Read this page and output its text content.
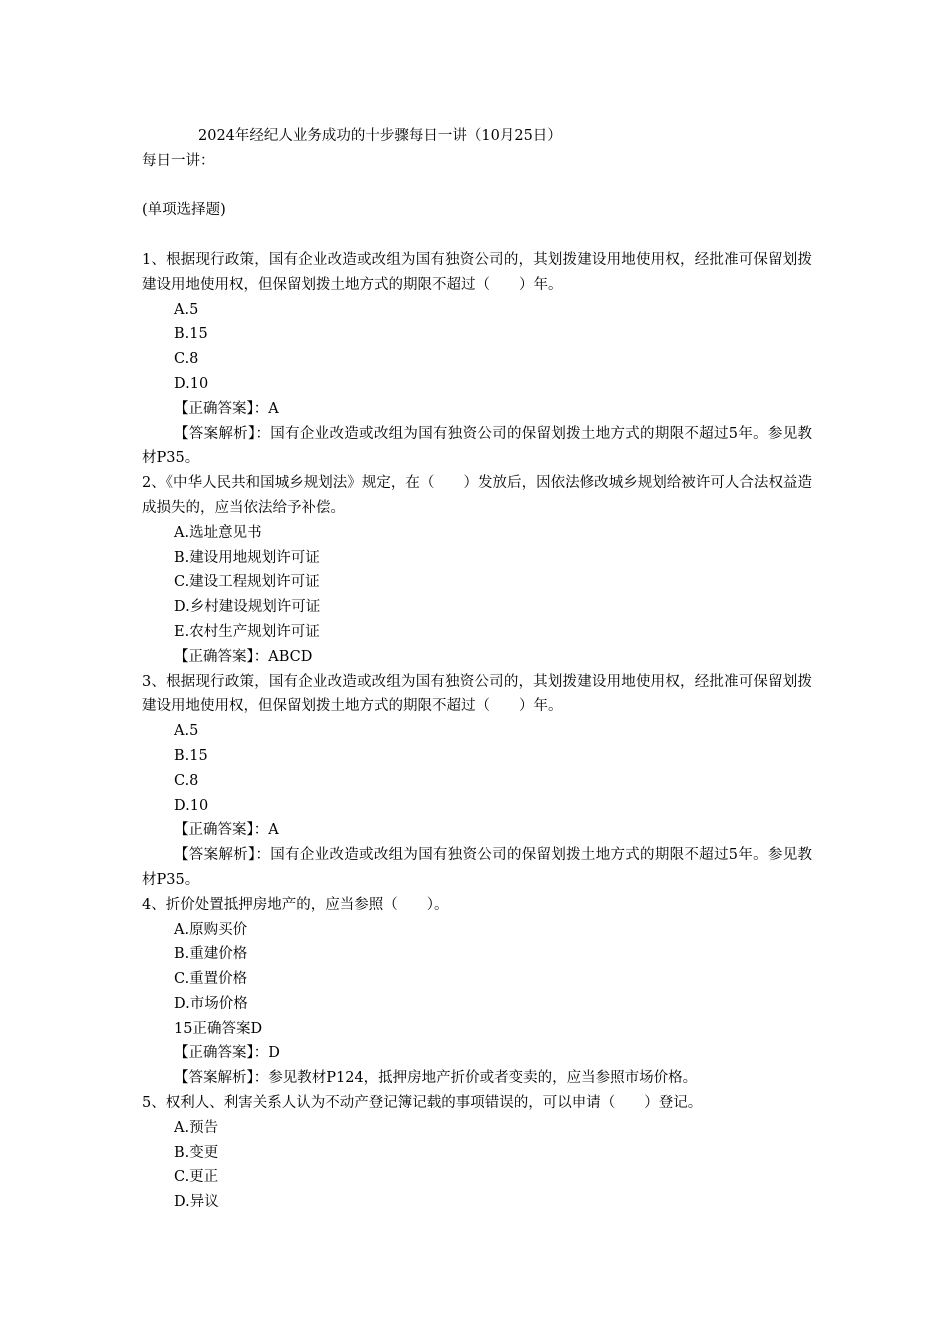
2024年经纪人业务成功的十步骤每日一讲（10月25日）
每日一讲：
(单项选择题)
1、根据现行政策，国有企业改造或改组为国有独资公司的，其划拨建设用地使用权，经批准可保留划拨建设用地使用权，但保留划拨土地方式的期限不超过（　　）年。
A.5
B.15
C.8
D.10
【正确答案】：A
【答案解析】：国有企业改造或改组为国有独资公司的保留划拨土地方式的期限不超过5年。参见教材P35。
2、《中华人民共和国城乡规划法》规定，在（　　）发放后，因依法修改城乡规划给被许可人合法权益造成损失的，应当依法给予补偿。
A.选址意见书
B.建设用地规划许可证
C.建设工程规划许可证
D.乡村建设规划许可证
E.农村生产规划许可证
【正确答案】：ABCD
3、根据现行政策，国有企业改造或改组为国有独资公司的，其划拨建设用地使用权，经批准可保留划拨建设用地使用权，但保留划拨土地方式的期限不超过（　　）年。
A.5
B.15
C.8
D.10
【正确答案】：A
【答案解析】：国有企业改造或改组为国有独资公司的保留划拨土地方式的期限不超过5年。参见教材P35。
4、折价处置抵押房地产的，应当参照（　　）。
A.原购买价
B.重建价格
C.重置价格
D.市场价格
15正确答案D
【正确答案】：D
【答案解析】：参见教材P124，抵押房地产折价或者变卖的，应当参照市场价格。
5、权利人、利害关系人认为不动产登记簿记载的事项错误的，可以申请（　　）登记。
A.预告
B.变更
C.更正
D.异议
